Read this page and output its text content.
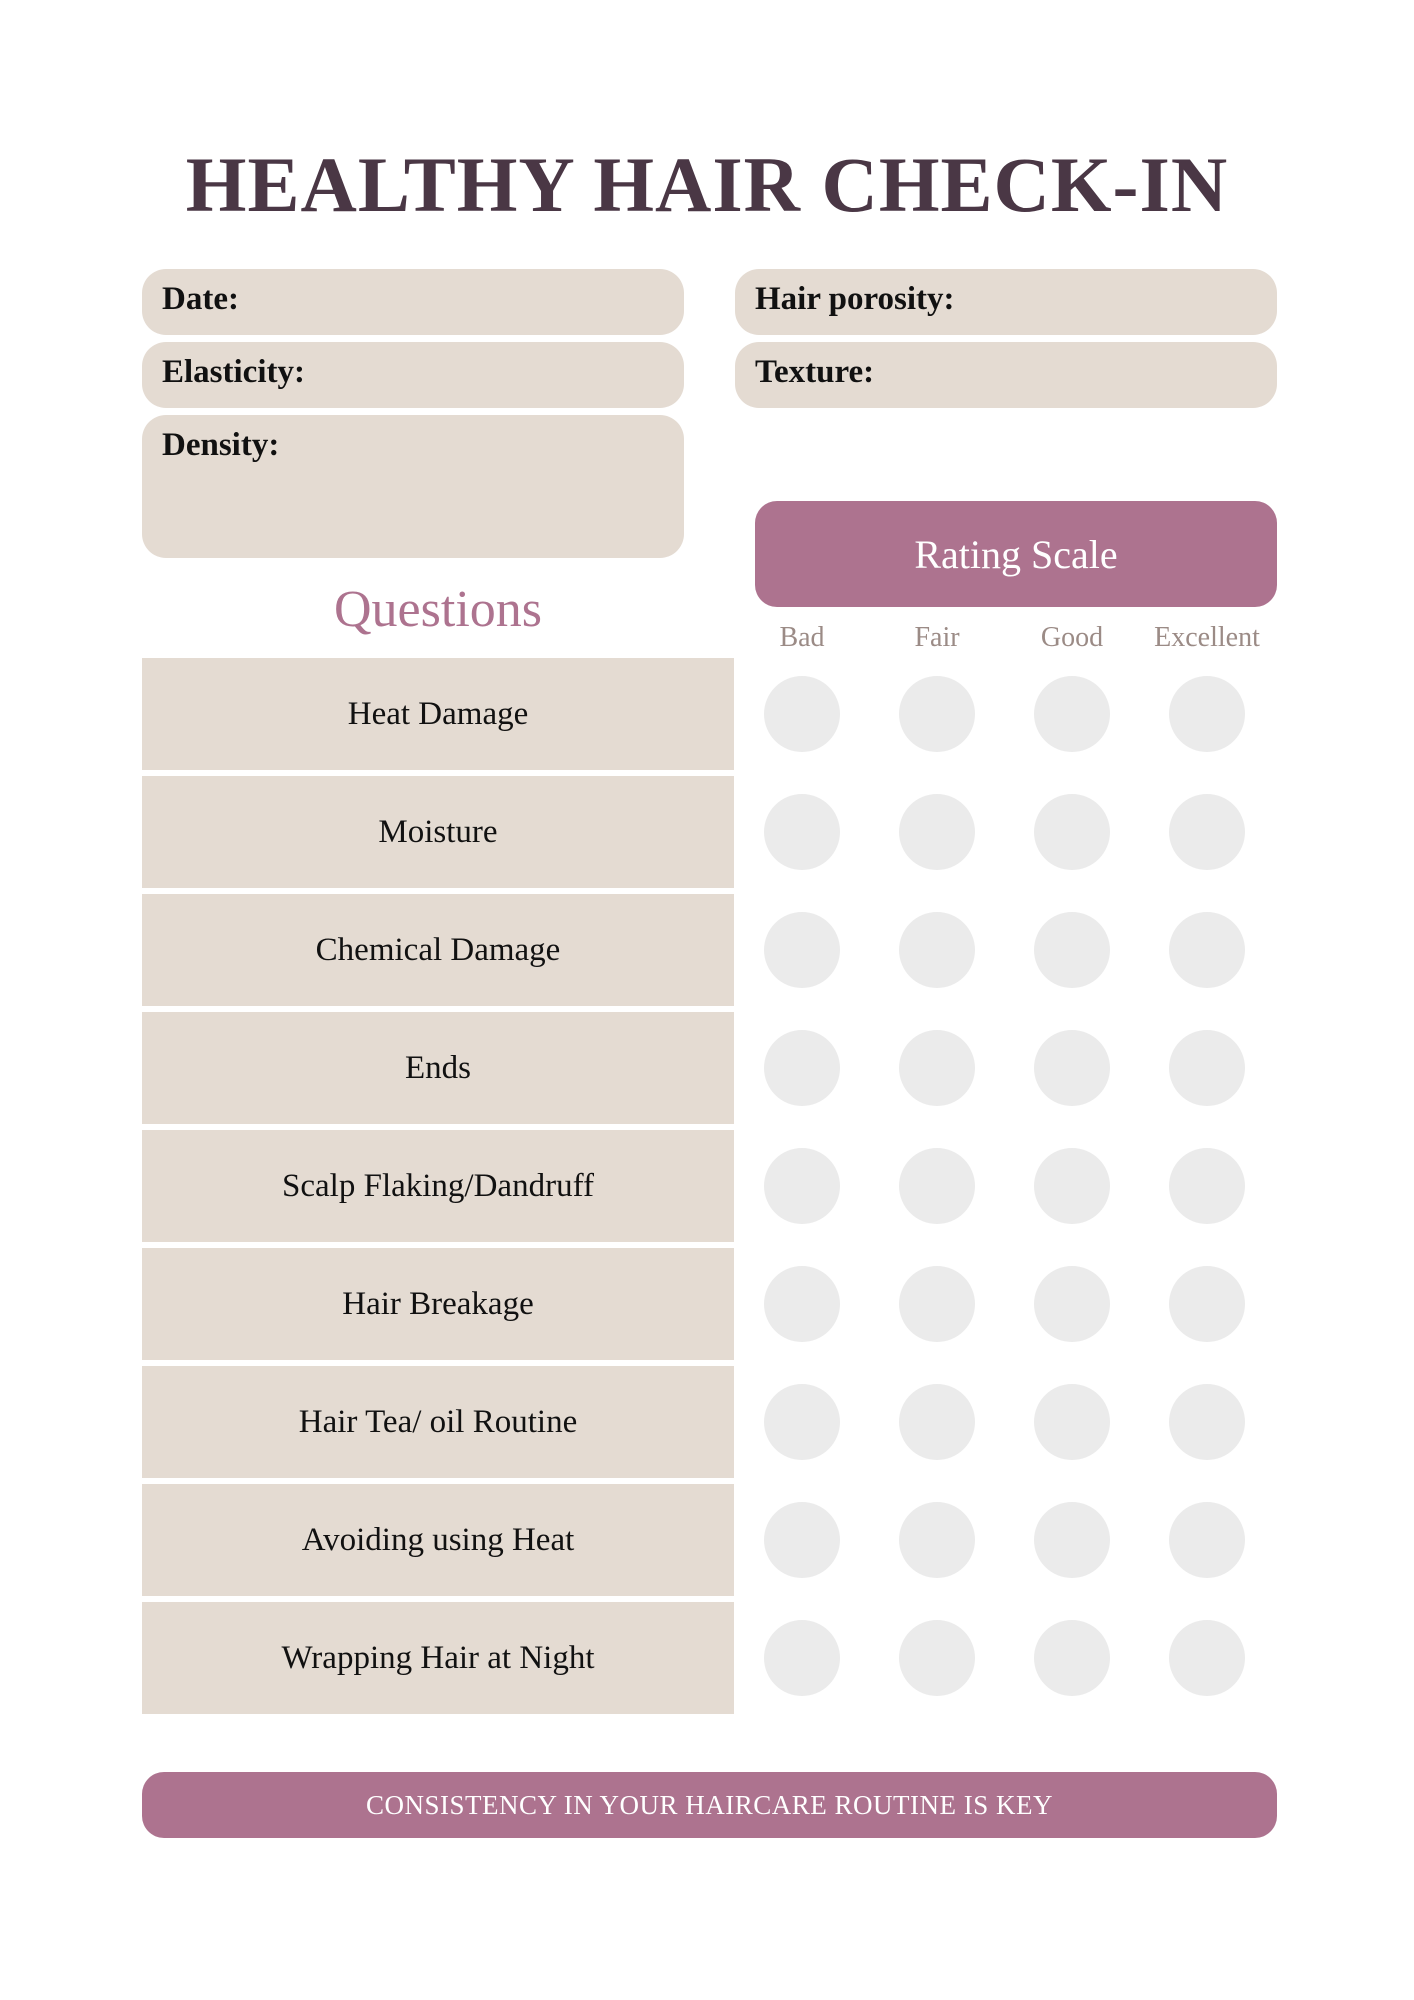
HEALTHY HAIR CHECK-IN
Date:
Elasticity:
Density:
Hair porosity:
Texture:
Rating Scale
Questions	Bad	Fair	Good	Excellent
Heat Damage
Moisture
Chemical Damage
Ends
Scalp Flaking/Dandruff
Hair Breakage
Hair Tea/ oil Routine
Avoiding using Heat
Wrapping Hair at Night
CONSISTENCY IN YOUR HAIRCARE ROUTINE IS KEY
